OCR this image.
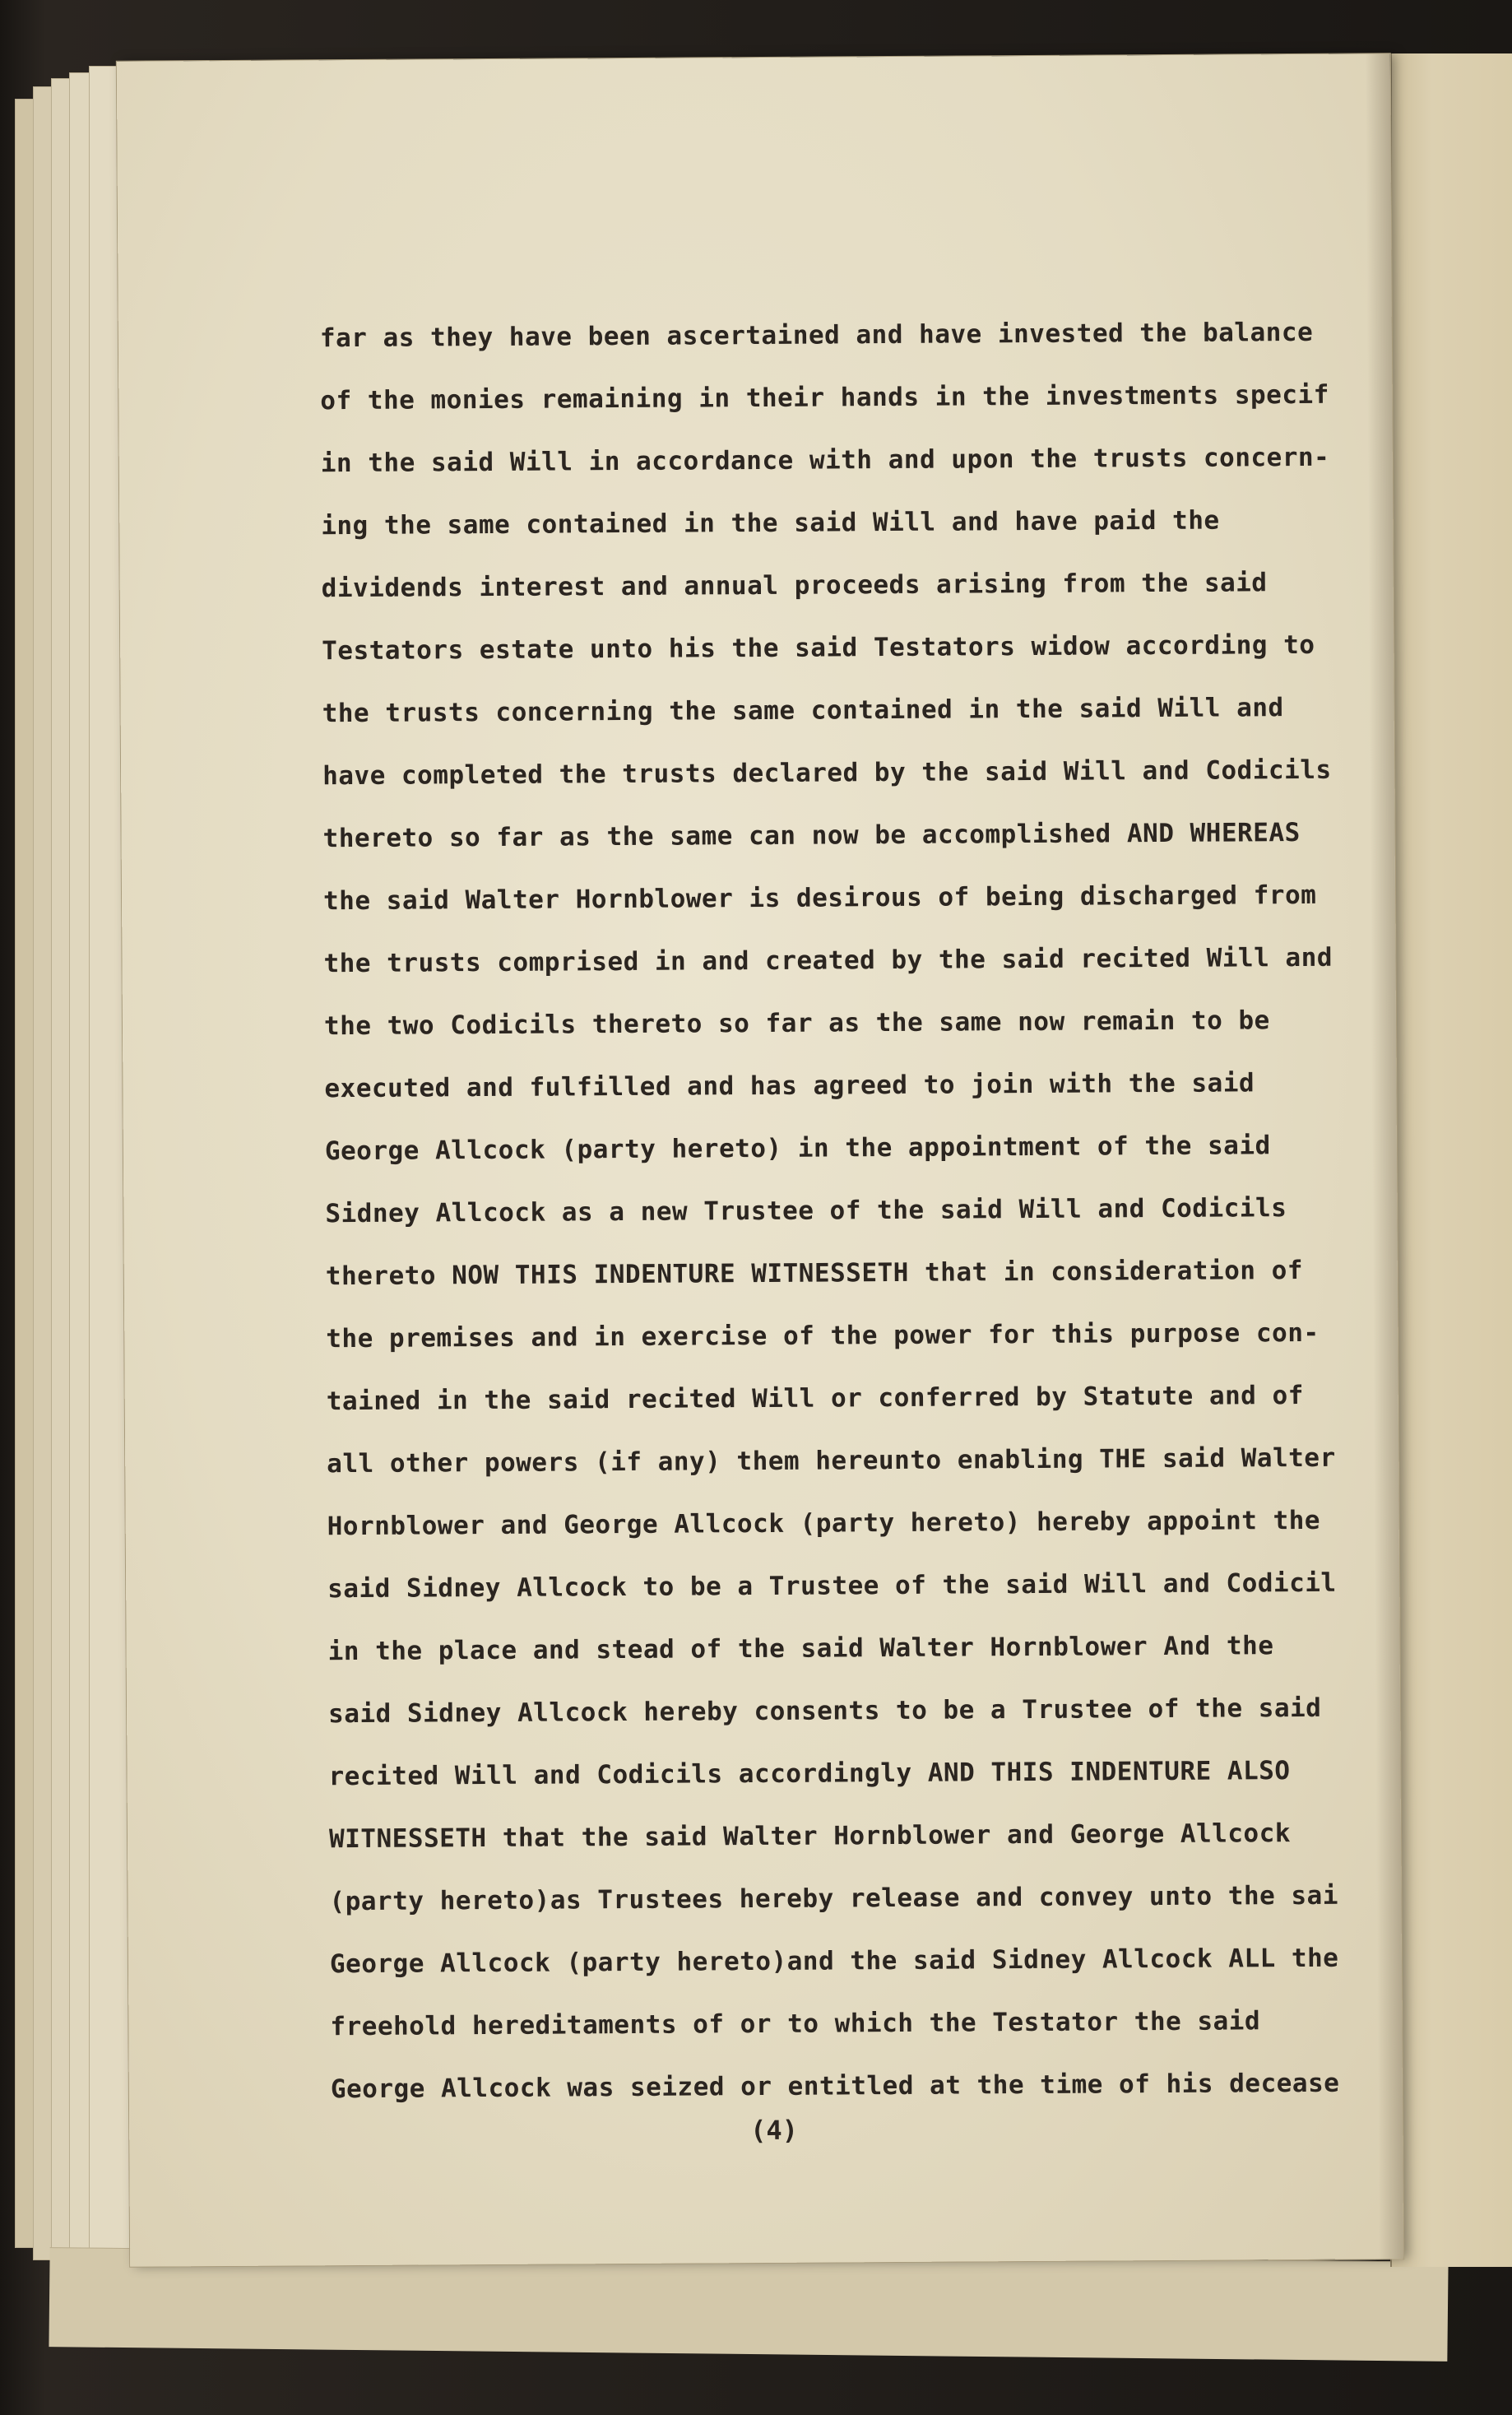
far as they have been ascertained and have invested the balance
of the monies remaining in their hands in the investments specif
in the said Will in accordance with and upon the trusts concern-
ing the same contained in the said Will and have paid the
dividends interest and annual proceeds arising from the said
Testators estate unto his the said Testators widow according to
the trusts concerning the same contained in the said Will and
have completed the trusts declared by the said Will and Codicils
thereto so far as the same can now be accomplished AND WHEREAS
the said Walter Hornblower is desirous of being discharged from
the trusts comprised in and created by the said recited Will and
the two Codicils thereto so far as the same now remain to be
executed and fulfilled and has agreed to join with the said
George Allcock (party hereto) in the appointment of the said
Sidney Allcock as a new Trustee of the said Will and Codicils
thereto NOW THIS INDENTURE WITNESSETH that in consideration of
the premises and in exercise of the power for this purpose con-
tained in the said recited Will or conferred by Statute and of
all other powers (if any) them hereunto enabling THE said Walter
Hornblower and George Allcock (party hereto) hereby appoint the
said Sidney Allcock to be a Trustee of the said Will and Codicil
in the place and stead of the said Walter Hornblower And the
said Sidney Allcock hereby consents to be a Trustee of the said
recited Will and Codicils accordingly AND THIS INDENTURE ALSO
WITNESSETH that the said Walter Hornblower and George Allcock
(party hereto)as Trustees hereby release and convey unto the sai
George Allcock (party hereto)and the said Sidney Allcock ALL the
freehold hereditaments of or to which the Testator the said
George Allcock was seized or entitled at the time of his decease
(4)
